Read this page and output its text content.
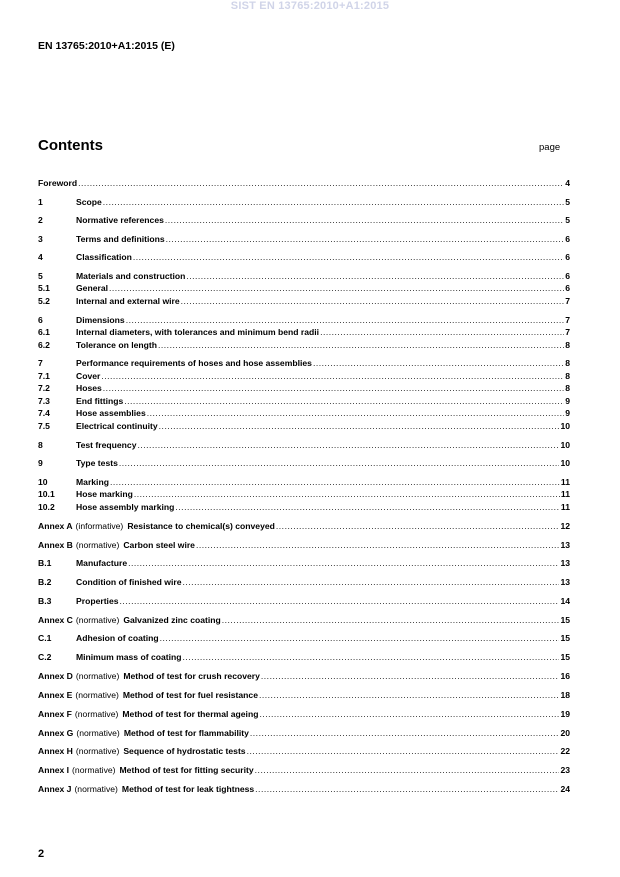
SIST EN 13765:2010+A1:2015
EN 13765:2010+A1:2015 (E)
Contents	page
Foreword .....	4
1	Scope .....	5
2	Normative references .....	5
3	Terms and definitions .....	6
4	Classification .....	6
5	Materials and construction .....	6
5.1	General .....	6
5.2	Internal and external wire .....	7
6	Dimensions .....	7
6.1	Internal diameters, with tolerances and minimum bend radii .....	7
6.2	Tolerance on length .....	8
7	Performance requirements of hoses and hose assemblies .....	8
7.1	Cover .....	8
7.2	Hoses .....	8
7.3	End fittings .....	9
7.4	Hose assemblies .....	9
7.5	Electrical continuity .....	10
8	Test frequency .....	10
9	Type tests .....	10
10	Marking .....	11
10.1	Hose marking .....	11
10.2	Hose assembly marking .....	11
Annex A (informative) Resistance to chemical(s) conveyed .....	12
Annex B (normative) Carbon steel wire .....	13
B.1	Manufacture .....	13
B.2	Condition of finished wire .....	13
B.3	Properties .....	14
Annex C (normative) Galvanized zinc coating .....	15
C.1	Adhesion of coating .....	15
C.2	Minimum mass of coating .....	15
Annex D (normative) Method of test for crush recovery .....	16
Annex E (normative) Method of test for fuel resistance .....	18
Annex F (normative) Method of test for thermal ageing .....	19
Annex G (normative) Method of test for flammability .....	20
Annex H (normative) Sequence of hydrostatic tests .....	22
Annex I (normative) Method of test for fitting security .....	23
Annex J (normative) Method of test for leak tightness .....	24
2
